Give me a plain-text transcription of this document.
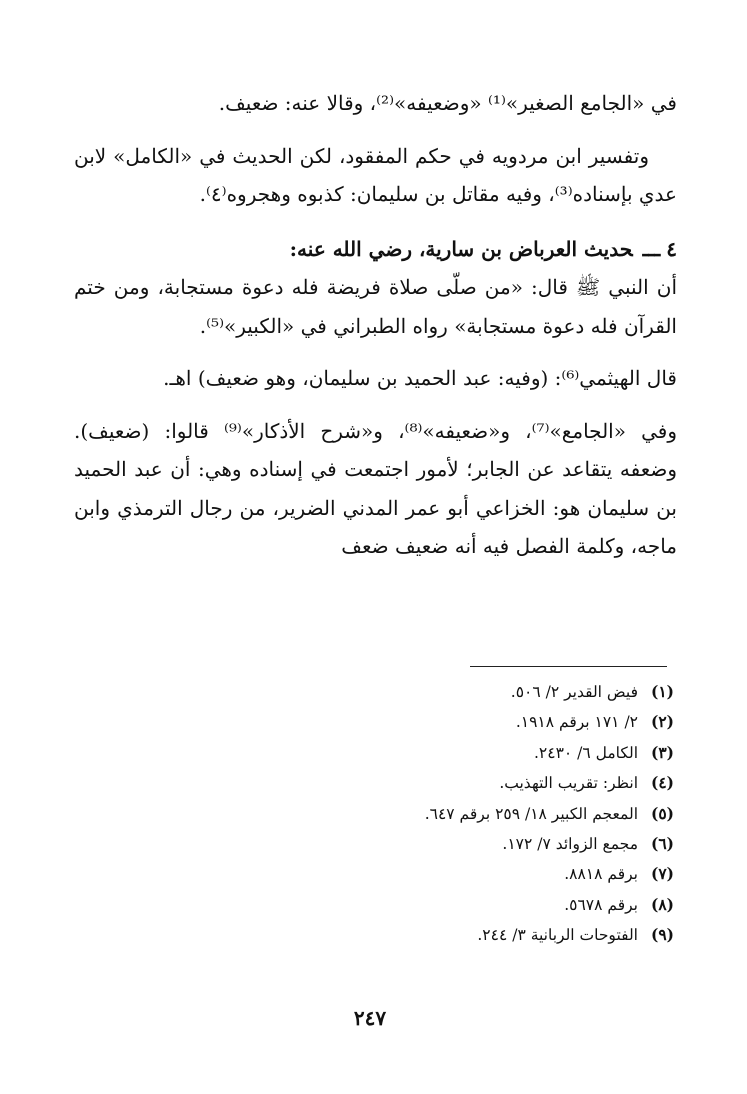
في «الجامع الصغير»⁽¹⁾ «وضعيفه»⁽²⁾، وقالا عنه: ضعيف.

وتفسير ابن مردويه في حكم المفقود، لكن الحديث في «الكامل» لابن عدي بإسناده⁽³⁾، وفيه مقاتل بن سليمان: كذبوه وهجروه⁽٤⁾.

٤ـــحديث العرباض بن سارية، رضي الله عنه:

أن النبي ﷺ قال: «من صلّى صلاة فريضة فله دعوة مستجابة، ومن ختم القرآن فله دعوة مستجابة» رواه الطبراني في «الكبير»⁽⁵⁾.

قال الهيثمي⁽⁶⁾: (وفيه: عبد الحميد بن سليمان، وهو ضعيف) اهـ.

وفي «الجامع»⁽⁷⁾، و«ضعيفه»⁽⁸⁾، و«شرح الأذكار»⁽⁹⁾ قالوا: (ضعيف). وضعفه يتقاعد عن الجابر؛ لأمور اجتمعت في إسناده وهي: أن عبد الحميد بن سليمان هو: الخزاعي أبو عمر المدني الضرير، من رجال الترمذي وابن ماجه، وكلمة الفصل فيه أنه ضعيف ضعف

(١)فيض القدير ٢/ ٥٠٦.
(٢)٢/ ١٧١ برقم ١٩١٨.
(٣)الكامل ٦/ ٢٤٣٠.
(٤)انظر: تقريب التهذيب.
(٥)المعجم الكبير ١٨/ ٢٥٩ برقم ٦٤٧.
(٦)مجمع الزوائد ٧/ ١٧٢.
(٧)برقم ٨٨١٨.
(٨)برقم ٥٦٧٨.
(٩)الفتوحات الربانية ٣/ ٢٤٤.
٢٤٧
